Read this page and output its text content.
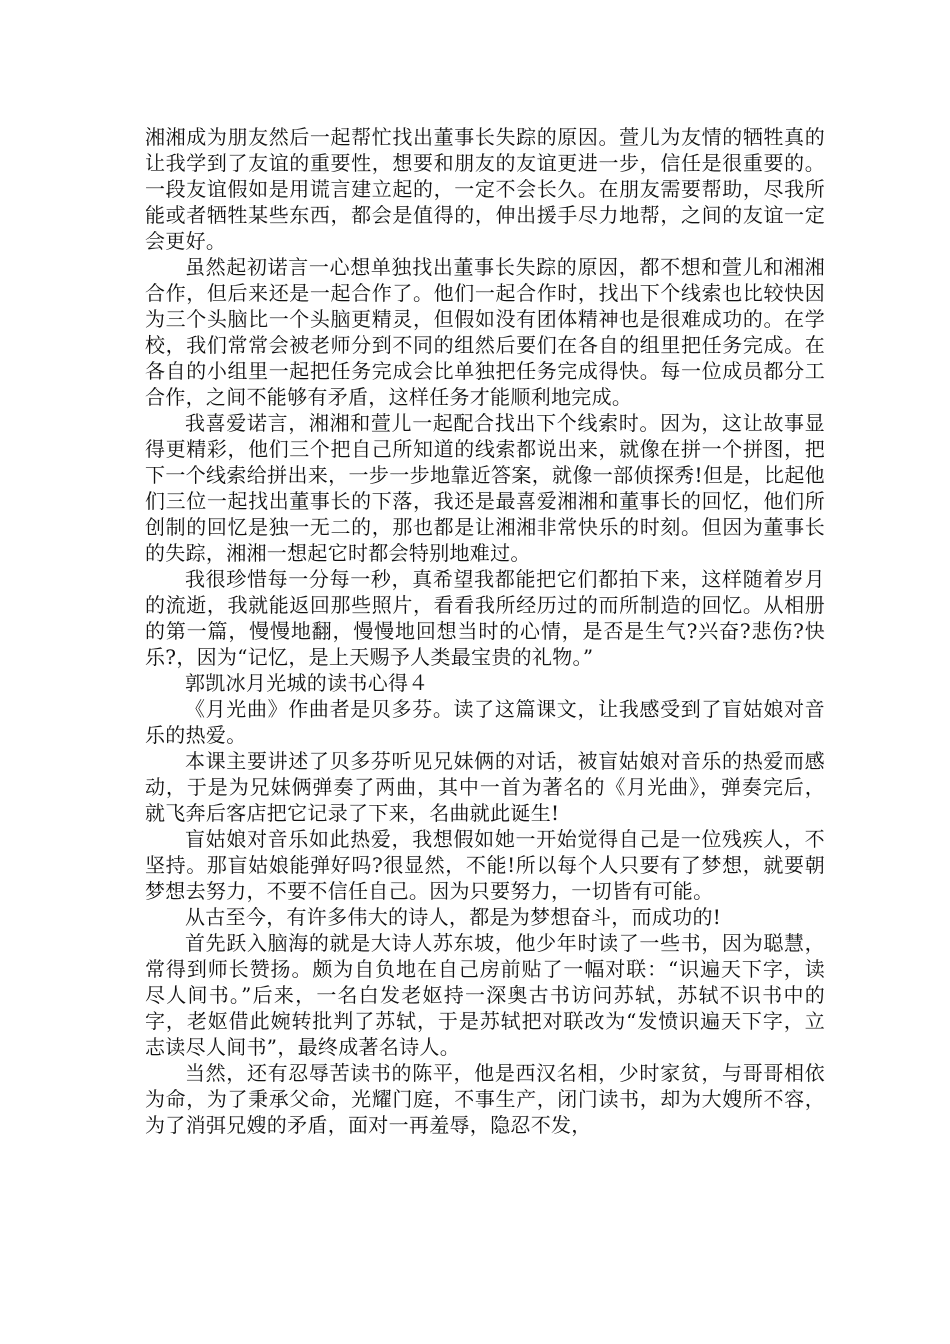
湘湘成为朋友然后一起帮忙找出董事长失踪的原因。萱儿为友情的牺牲真的让我学到了友谊的重要性，想要和朋友的友谊更进一步，信任是很重要的。一段友谊假如是用谎言建立起的，一定不会长久。在朋友需要帮助，尽我所能或者牺牲某些东西，都会是值得的，伸出援手尽力地帮，之间的友谊一定会更好。

虽然起初诺言一心想单独找出董事长失踪的原因，都不想和萱儿和湘湘合作，但后来还是一起合作了。他们一起合作时，找出下个线索也比较快因为三个头脑比一个头脑更精灵，但假如没有团体精神也是很难成功的。在学校，我们常常会被老师分到不同的组然后要们在各自的组里把任务完成。在各自的小组里一起把任务完成会比单独把任务完成得快。每一位成员都分工合作，之间不能够有矛盾，这样任务才能顺利地完成。

我喜爱诺言，湘湘和萱儿一起配合找出下个线索时。因为，这让故事显得更精彩，他们三个把自己所知道的线索都说出来，就像在拼一个拼图，把下一个线索给拼出来，一步一步地靠近答案，就像一部侦探秀!但是，比起他们三位一起找出董事长的下落，我还是最喜爱湘湘和董事长的回忆，他们所创制的回忆是独一无二的，那也都是让湘湘非常快乐的时刻。但因为董事长的失踪，湘湘一想起它时都会特别地难过。

我很珍惜每一分每一秒，真希望我都能把它们都拍下来，这样随着岁月的流逝，我就能返回那些照片，看看我所经历过的而所制造的回忆。从相册的第一篇，慢慢地翻，慢慢地回想当时的心情，是否是生气?兴奋?悲伤?快乐?，因为“记忆，是上天赐予人类最宝贵的礼物。”

郭凯冰月光城的读书心得４

《月光曲》作曲者是贝多芬。读了这篇课文，让我感受到了盲姑娘对音乐的热爱。

本课主要讲述了贝多芬听见兄妹俩的对话，被盲姑娘对音乐的热爱而感动，于是为兄妹俩弹奏了两曲，其中一首为著名的《月光曲》，弹奏完后，就飞奔后客店把它记录了下来，名曲就此诞生!

盲姑娘对音乐如此热爱，我想假如她一开始觉得自己是一位残疾人，不坚持。那盲姑娘能弹好吗?很显然，不能!所以每个人只要有了梦想，就要朝梦想去努力，不要不信任自己。因为只要努力，一切皆有可能。

从古至今，有许多伟大的诗人，都是为梦想奋斗，而成功的!

首先跃入脑海的就是大诗人苏东坡，他少年时读了一些书，因为聪慧，常得到师长赞扬。颇为自负地在自己房前贴了一幅对联：“识遍天下字，读尽人间书。”后来，一名白发老妪持一深奥古书访问苏轼，苏轼不识书中的字，老妪借此婉转批判了苏轼，于是苏轼把对联改为“发愤识遍天下字，立志读尽人间书”，最终成著名诗人。

当然，还有忍辱苦读书的陈平，他是西汉名相，少时家贫，与哥哥相依为命，为了秉承父命，光耀门庭，不事生产，闭门读书，却为大嫂所不容，为了消弭兄嫂的矛盾，面对一再羞辱，隐忍不发，
